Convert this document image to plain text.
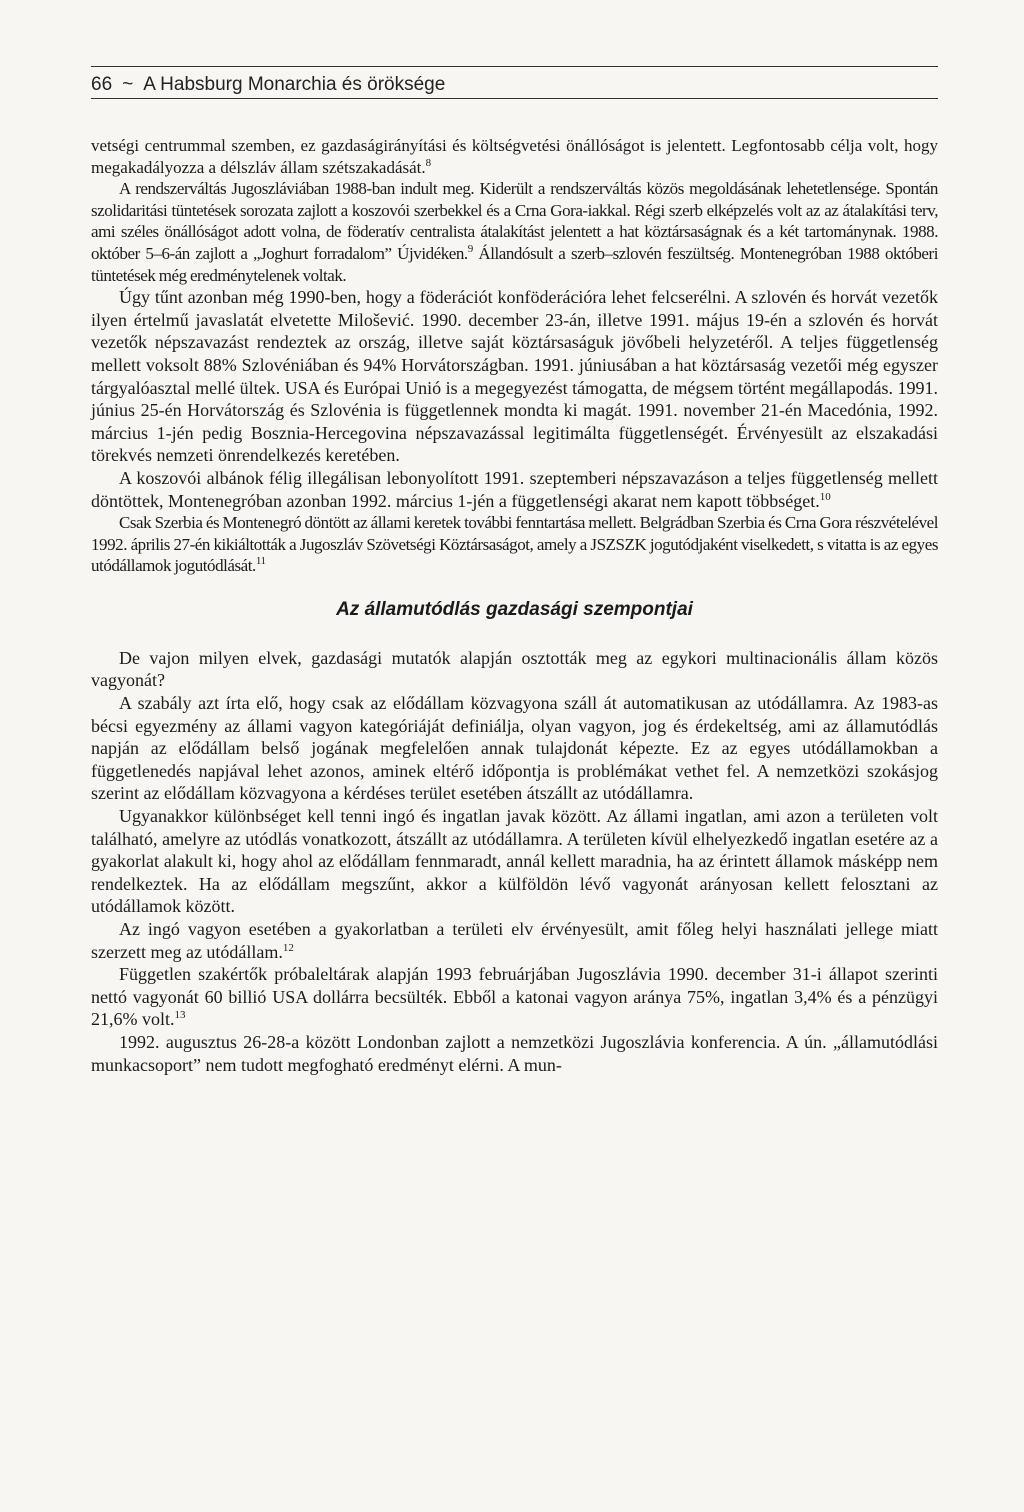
66 ~ A Habsburg Monarchia és öröksége

vetségi centrummal szemben, ez gazdaságirányítási és költségvetési önállóságot is jelentett. Legfontosabb célja volt, hogy megakadályozza a délszláv állam szétszakadását.$^8$

A rendszerváltás Jugoszláviában 1988-ban indult meg. Kiderült a rendszerváltás közös megoldásának lehetetlensége. Spontán szolidaritási tüntetések sorozata zajlott a koszovói szerbekkel és a Crna Gora-iakkal. Régi szerb elképzelés volt az az átalakítási terv, ami széles önállóságot adott volna, de föderatív centralista átalakítást jelentett a hat köztársaságnak és a két tartománynak. 1988. október 5–6-án zajlott a „Joghurt forradalom” Újvidéken.$^9$ Állandósult a szerb–szlovén feszültség. Montenegróban 1988 októberi tüntetések még eredménytelenek voltak.

Úgy tűnt azonban még 1990-ben, hogy a föderációt konföderációra lehet felcserélni. A szlovén és horvát vezetők ilyen értelmű javaslatát elvetette Milošević. 1990. december 23-án, illetve 1991. május 19-én a szlovén és horvát vezetők népszavazást rendeztek az ország, illetve saját köztársaságuk jövőbeli helyzetéről. A teljes függetlenség mellett voksolt 88% Szlovéniában és 94% Horvátországban. 1991. júniusában a hat köztársaság vezetői még egyszer tárgyalóasztal mellé ültek. USA és Európai Unió is a megegyezést támogatta, de mégsem történt megállapodás. 1991. június 25-én Horvátország és Szlovénia is függetlennek mondta ki magát. 1991. november 21-én Macedónia, 1992. március 1-jén pedig Bosznia-Hercegovina népszavazással legitimálta függetlenségét. Érvényesült az elszakadási törekvés nemzeti önrendelkezés keretében.

A koszovói albánok félig illegálisan lebonyolított 1991. szeptemberi népszavazáson a teljes függetlenség mellett döntöttek, Montenegróban azonban 1992. március 1-jén a függetlenségi akarat nem kapott többséget.$^{10}$

Csak Szerbia és Montenegró döntött az állami keretek további fenntartása mellett. Belgrádban Szerbia és Crna Gora részvételével 1992. április 27-én kikiáltották a Jugoszláv Szövetségi Köztársaságot, amely a JSZSZK jogutódjaként viselkedett, s vitatta is az egyes utódállamok jogutódlását.$^{11}$

Az államutódlás gazdasági szempontjai

De vajon milyen elvek, gazdasági mutatók alapján osztották meg az egykori multinacionális állam közös vagyonát?

A szabály azt írta elő, hogy csak az elődállam közvagyona száll át automatikusan az utódállamra. Az 1983-as bécsi egyezmény az állami vagyon kategóriáját definiálja, olyan vagyon, jog és érdekeltség, ami az államutódlás napján az elődállam belső jogának megfelelően annak tulajdonát képezte. Ez az egyes utódállamokban a függetlenedés napjával lehet azonos, aminek eltérő időpontja is problémákat vethet fel. A nemzetközi szokásjog szerint az elődállam közvagyona a kérdéses terület esetében átszállt az utódállamra.

Ugyanakkor különbséget kell tenni ingó és ingatlan javak között. Az állami ingatlan, ami azon a területen volt található, amelyre az utódlás vonatkozott, átszállt az utódállamra. A területen kívül elhelyezkedő ingatlan esetére az a gyakorlat alakult ki, hogy ahol az elődállam fennmaradt, annál kellett maradnia, ha az érintett államok másképp nem rendelkeztek. Ha az elődállam megszűnt, akkor a külföldön lévő vagyonát arányosan kellett felosztani az utódállamok között.

Az ingó vagyon esetében a gyakorlatban a területi elv érvényesült, amit főleg helyi használati jellege miatt szerzett meg az utódállam.$^{12}$

Független szakértők próbaleltárak alapján 1993 februárjában Jugoszlávia 1990. december 31-i állapot szerinti nettó vagyonát 60 billió USA dollárra becsülték. Ebből a katonai vagyon aránya 75%, ingatlan 3,4% és a pénzügyi 21,6% volt.$^{13}$

1992. augusztus 26-28-a között Londonban zajlott a nemzetközi Jugoszlávia konferencia. A ún. „államutódlási munkacsoport” nem tudott megfogható eredményt elérni. A mun-
